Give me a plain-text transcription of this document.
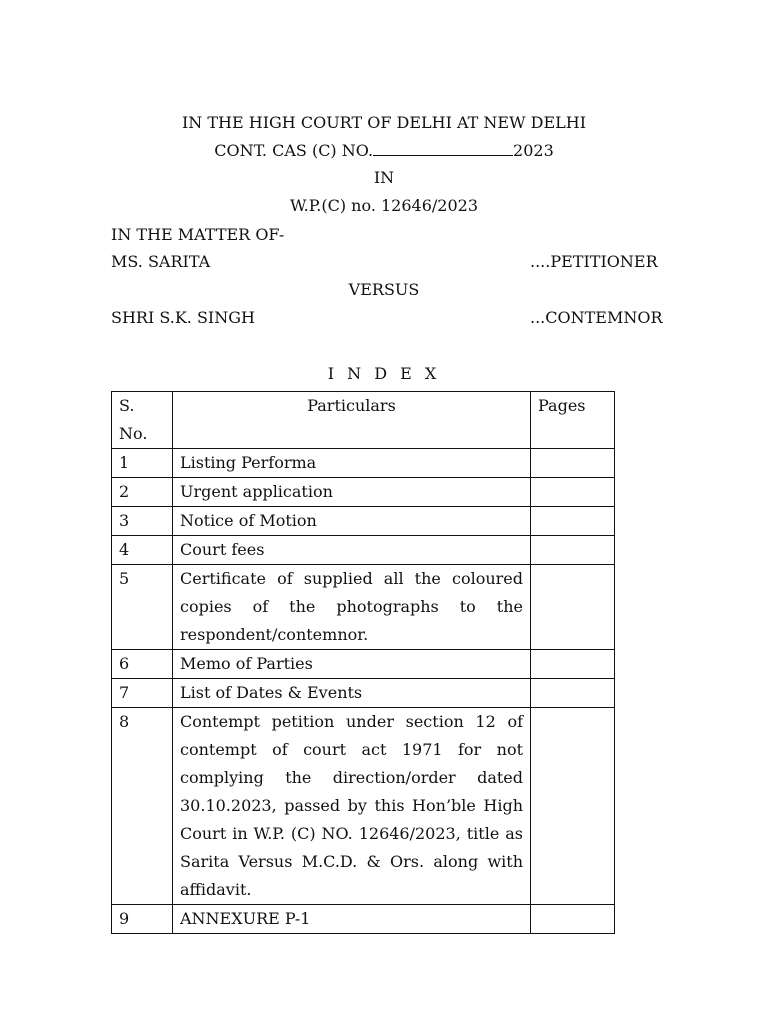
IN THE HIGH COURT OF DELHI AT NEW DELHI
CONT. CAS (C) NO.	2023
IN
W.P.(C) no. 12646/2023
IN THE MATTER OF-
MS. SARITA	....PETITIONER
VERSUS
SHRI S.K. SINGH	...CONTEMNOR
I N D E X
S. No.	Particulars	Pages
1	Listing Performa	
2	Urgent application	
3	Notice of Motion	
4	Court fees	
5	Certificate of supplied all the coloured copies of the photographs to the respondent/contemnor.	
6	Memo of Parties	
7	List of Dates & Events	
8	Contempt petition under section 12 of contempt of court act 1971 for not complying the direction/order dated 30.10.2023, passed by this Hon’ble High Court in W.P. (C) NO. 12646/2023, title as Sarita Versus M.C.D. & Ors. along with affidavit.	
9	ANNEXURE P-1	
